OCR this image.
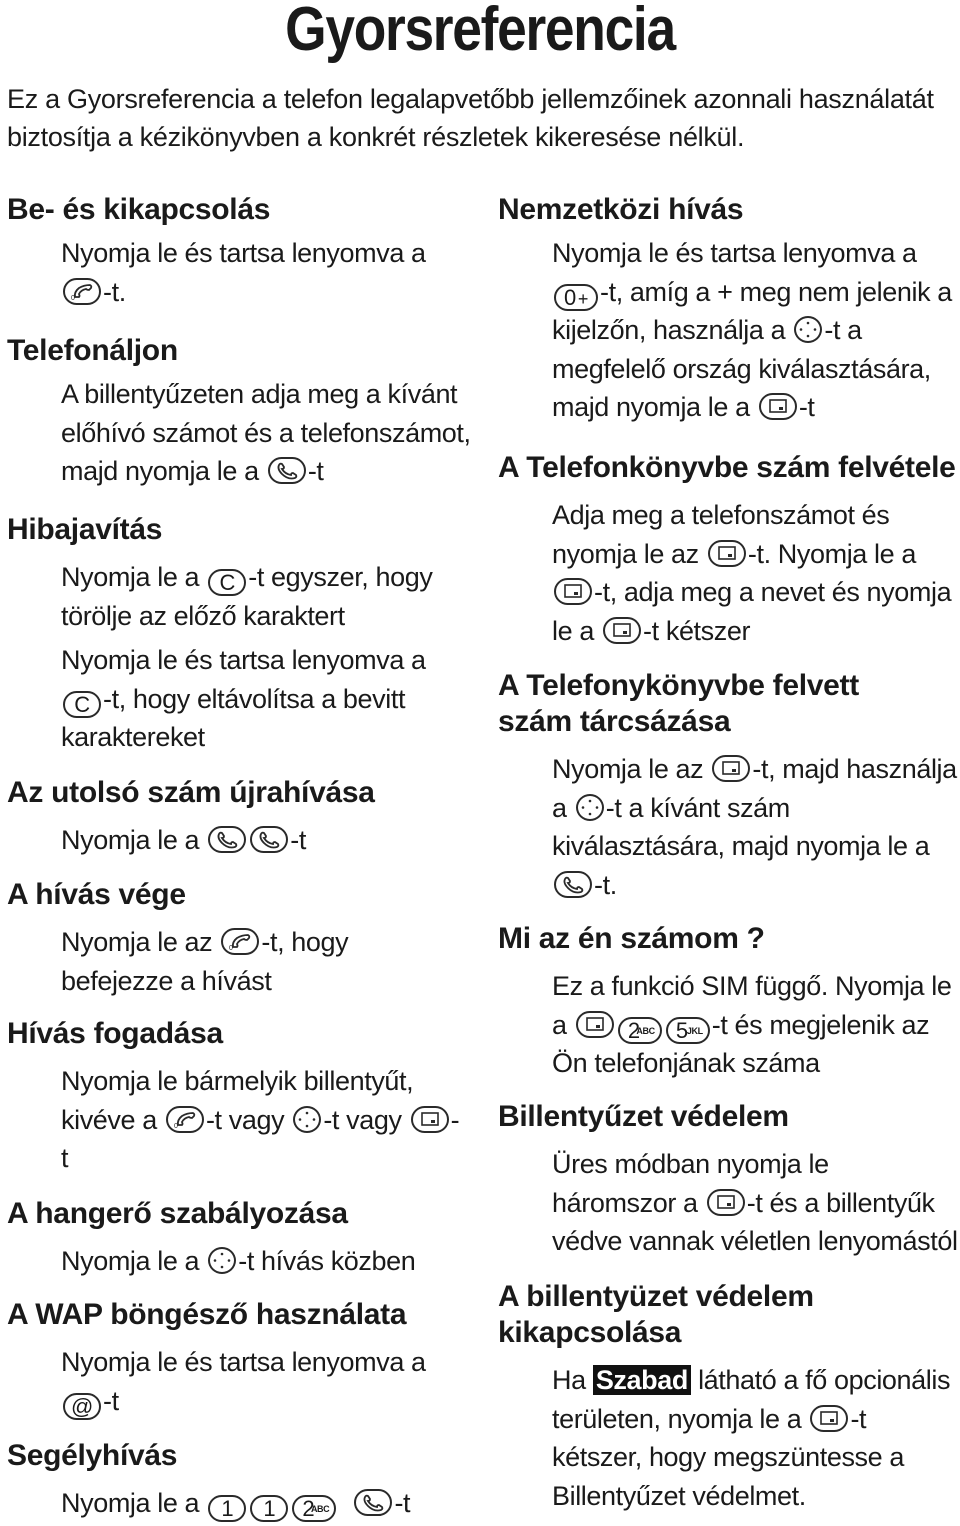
Gyorsreferencia
Ez a Gyorsreferencia a telefon legalapvetőbb jellemzőinek azonnali használatát biztosítja a kézikönyvben a konkrét részletek kikeresése nélkül.
Be- és kikapcsolás

Nyomja le és tartsa lenyomva a

0 -t.

Telefonáljon

A billentyűzeten adja meg a kívánt előhívó számot és a telefonszámot, majd nyomja le a -t

Hibajavítás

Nyomja le a C -t egyszer, hogy törölje az előző karaktert

Nyomja le és tartsa lenyomva a
C -t, hogy eltávolítsa a bevitt karaktereket

Az utolsó szám újrahívása

Nyomja le a	-t

A hívás vége

Nyomja le az 0 -t, hogy befejezze a hívást

Hívás fogadása

Nyomja le bármelyik billentyűt, kivéve a 0 -t vagy -t vagy -t

A hangerő szabályozása

Nyomja le a -t hívás közben

A WAP böngésző használata

Nyomja le és tartsa lenyomva a
@ -t

Segélyhívás

Nyomja le a 1 1 2
ABC
-t

Nemzetközi hívás

Nyomja le és tartsa lenyomva a 0 + -t, amíg a + meg nem jelenik a kijelzőn, használja a -t a megfelelő ország kiválasztására, majd nyomja le a -t

A Telefonkönyvbe szám felvétele

Adja meg a telefonszámot és nyomja le az -t. Nyomja le a
-t, adja meg a nevet és nyomja le a -t kétszer

A Telefonykönyvbe felvett szám tárcsázása

Nyomja le az -t, majd használja a -t a kívánt szám kiválasztására, majd nyomja le a
-t.

Mi az én számom ?

Ez a funkció SIM függő. Nyomja le a	2
ABC 5 JKL -t és megjelenik az Ön telefonjának száma

Billentyűzet védelem

Üres módban nyomja le háromszor a -t és a billentyűk védve vannak véletlen lenyomástól

A billentyüzet védelem kikapcsolása

Ha Szabad látható a fő opcionális területen, nyomja le a -t kétszer, hogy megszüntesse a Billentyűzet védelmet.
